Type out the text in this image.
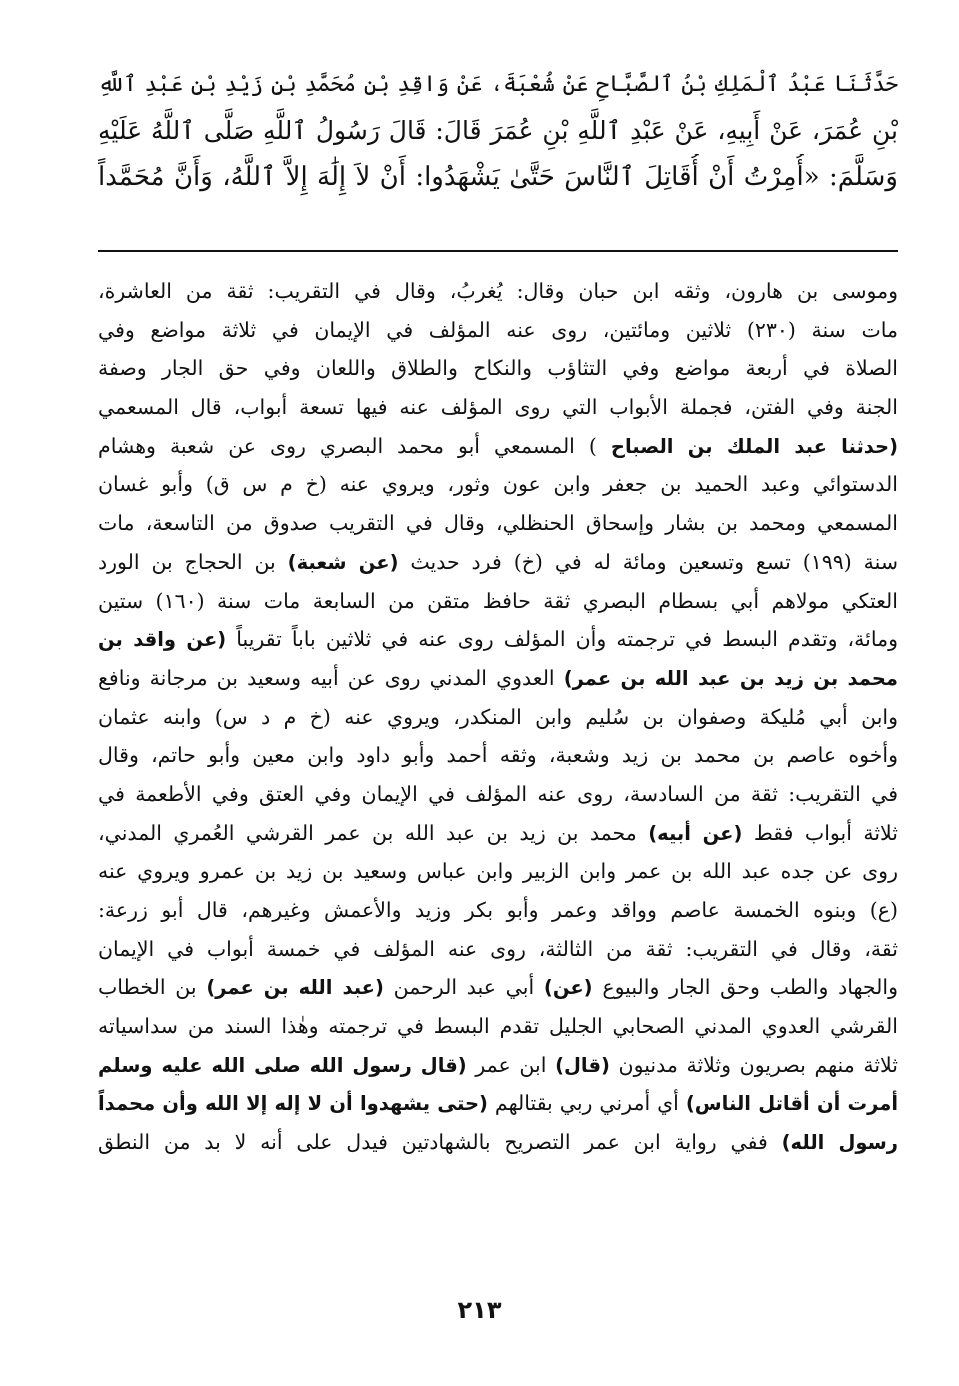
حَدَّثَنَا عَبْدُ ٱلْمَلِكِ بْنُ ٱلصَّبَّاحِ عَنْ شُعْبَةَ، عَنْ وَاقِدِ بْنِ مُحَمَّدِ بْنِ زَيْدِ بْنِ عَبْدِ ٱللَّهِ
بْنِ عُمَرَ، عَنْ أَبِيهِ، عَنْ عَبْدِ ٱللَّهِ بْنِ عُمَرَ قَالَ: قَالَ رَسُولُ ٱللَّهِ صَلَّى ٱللَّهُ عَلَيْهِ
وَسَلَّمَ: «أُمِرْتُ أَنْ أُقَاتِلَ ٱلنَّاسَ حَتَّىٰ يَشْهَدُوا: أَنْ لاَ إِلَٰهَ إِلاَّ ٱللَّهُ، وَأَنَّ مُحَمَّداً
وموسى بن هارون، وثقه ابن حبان وقال: يُغربُ، وقال في التقريب: ثقة من العاشرة،
مات سنة (٢٣٠) ثلاثين ومائتين، روى عنه المؤلف في الإيمان في ثلاثة مواضع وفي
الصلاة في أربعة مواضع وفي التثاؤب والنكاح والطلاق واللعان وفي حق الجار وصفة
الجنة وفي الفتن، فجملة الأبواب التي روى المؤلف عنه فيها تسعة أبواب، قال المسعمي
(حدثنا عبد الملك بن الصباح ) المسمعي أبو محمد البصري روى عن شعبة وهشام
الدستوائي وعبد الحميد بن جعفر وابن عون وثور، ويروي عنه (خ م س ق) وأبو غسان
المسمعي ومحمد بن بشار وإسحاق الحنظلي، وقال في التقريب صدوق من التاسعة، مات
سنة (١٩٩) تسع وتسعين ومائة له في (خ) فرد حديث (عن شعبة) بن الحجاج بن الورد
العتكي مولاهم أبي بسطام البصري ثقة حافظ متقن من السابعة مات سنة (١٦٠) ستين
ومائة، وتقدم البسط في ترجمته وأن المؤلف روى عنه في ثلاثين باباً تقريباً (عن واقد بن
محمد بن زيد بن عبد الله بن عمر) العدوي المدني روى عن أبيه وسعيد بن مرجانة ونافع
وابن أبي مُليكة وصفوان بن سُليم وابن المنكدر، ويروي عنه (خ م د س) وابنه عثمان
وأخوه عاصم بن محمد بن زيد وشعبة، وثقه أحمد وأبو داود وابن معين وأبو حاتم، وقال
في التقريب: ثقة من السادسة، روى عنه المؤلف في الإيمان وفي العتق وفي الأطعمة في
ثلاثة أبواب فقط (عن أبيه) محمد بن زيد بن عبد الله بن عمر القرشي العُمري المدني،
روى عن جده عبد الله بن عمر وابن الزبير وابن عباس وسعيد بن زيد بن عمرو ويروي عنه
(ع) وبنوه الخمسة عاصم وواقد وعمر وأبو بكر وزيد والأعمش وغيرهم، قال أبو زرعة:
ثقة، وقال في التقريب: ثقة من الثالثة، روى عنه المؤلف في خمسة أبواب في الإيمان
والجهاد والطب وحق الجار والبيوع (عن) أبي عبد الرحمن (عبد الله بن عمر) بن الخطاب
القرشي العدوي المدني الصحابي الجليل تقدم البسط في ترجمته وهٰذا السند من سداسياته
ثلاثة منهم بصريون وثلاثة مدنيون (قال) ابن عمر (قال رسول الله صلى الله عليه وسلم
أمرت أن أقاتل الناس) أي أمرني ربي بقتالهم (حتى يشهدوا أن لا إله إلا الله وأن محمداً
رسول الله) ففي رواية ابن عمر التصريح بالشهادتين فيدل على أنه لا بد من النطق
٢١٣
